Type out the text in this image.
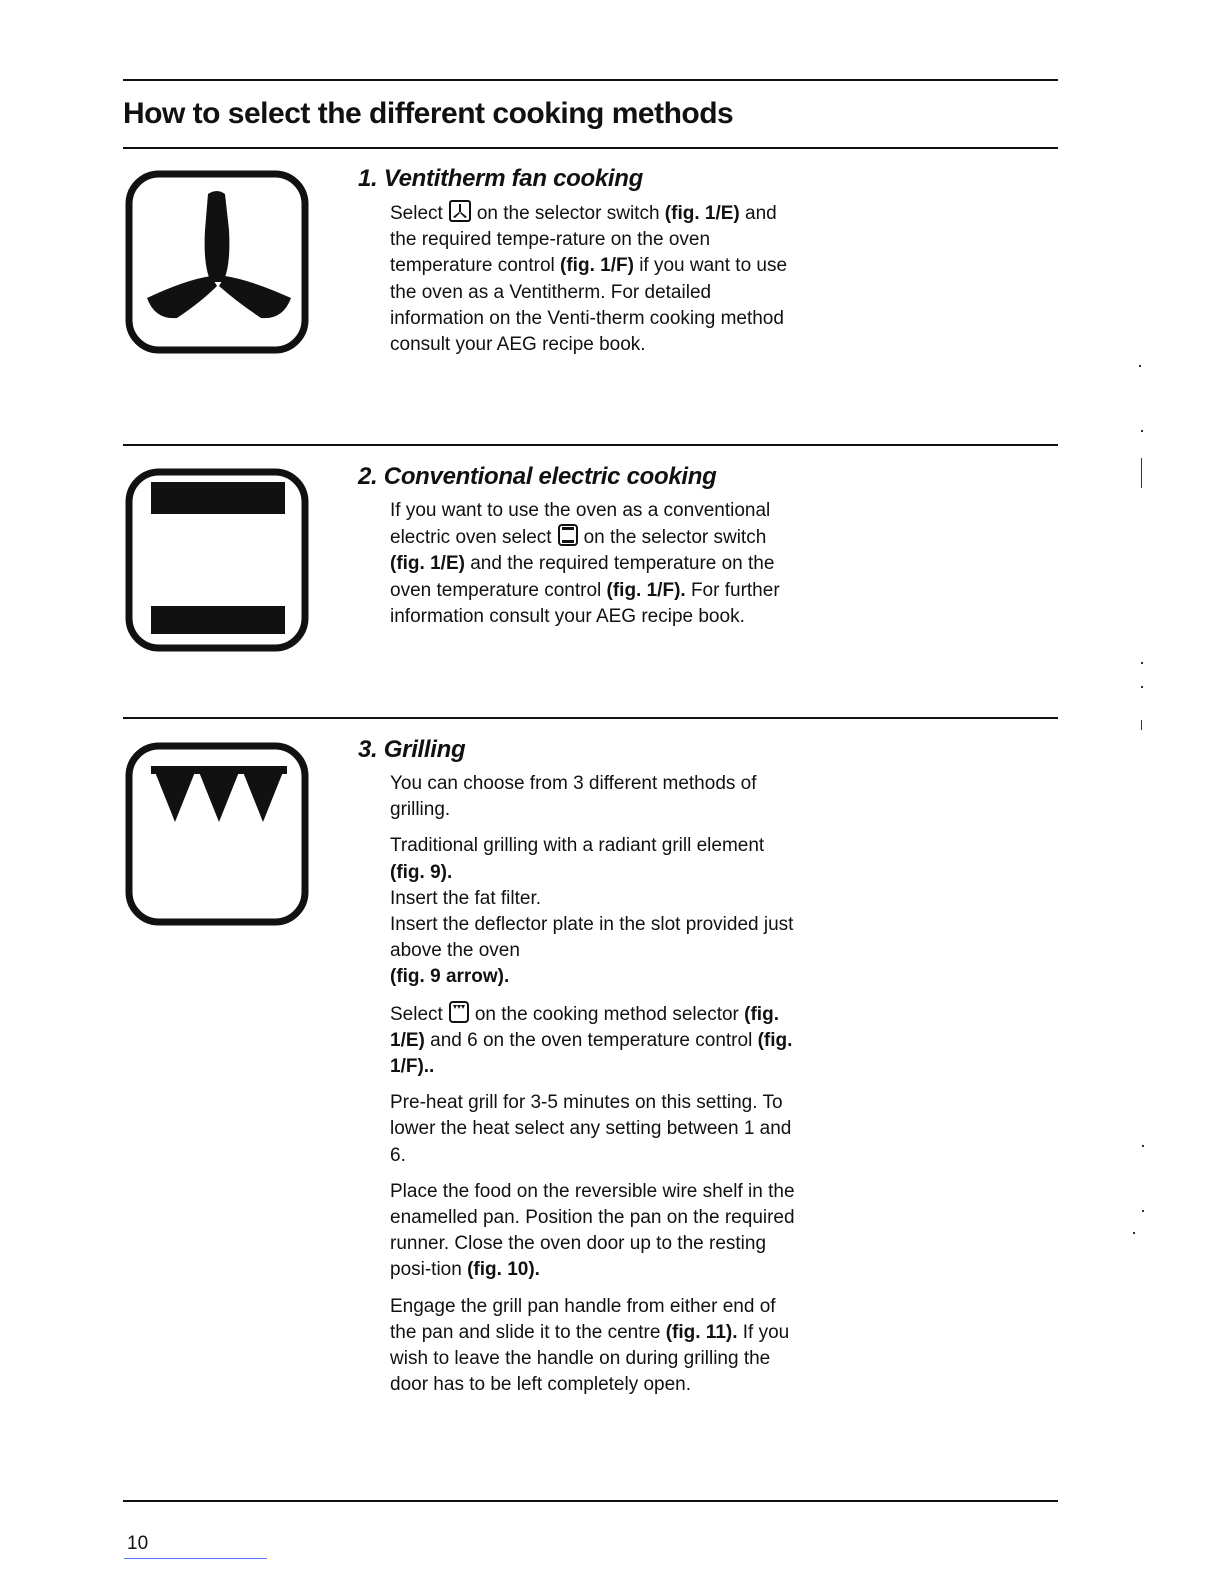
How to select the different cooking methods
1. Ventitherm fan cooking

Select on the selector switch (fig. 1/E) and the required tempe-rature on the oven temperature control (fig. 1/F) if you want to use the oven as a Ventitherm. For detailed information on the Venti-therm cooking method consult your AEG recipe book.

2. Conventional electric cooking

If you want to use the oven as a conventional electric oven select on the selector switch (fig. 1/E) and the required temperature on the oven temperature control (fig. 1/F). For further information consult your AEG recipe book.

3. Grilling

You can choose from 3 different methods of grilling.

Traditional grilling with a radiant grill element (fig. 9).
Insert the fat filter.
Insert the deflector plate in the slot provided just above the oven
(fig. 9 arrow).

Select on the cooking method selector (fig. 1/E) and 6 on the oven temperature control (fig. 1/F)..

Pre-heat grill for 3-5 minutes on this setting. To lower the heat select any setting between 1 and 6.

Place the food on the reversible wire shelf in the enamelled pan. Position the pan on the required runner. Close the oven door up to the resting posi-tion (fig. 10).

Engage the grill pan handle from either end of the pan and slide it to the centre (fig. 11). If you wish to leave the handle on during grilling the door has to be left completely open.

10
